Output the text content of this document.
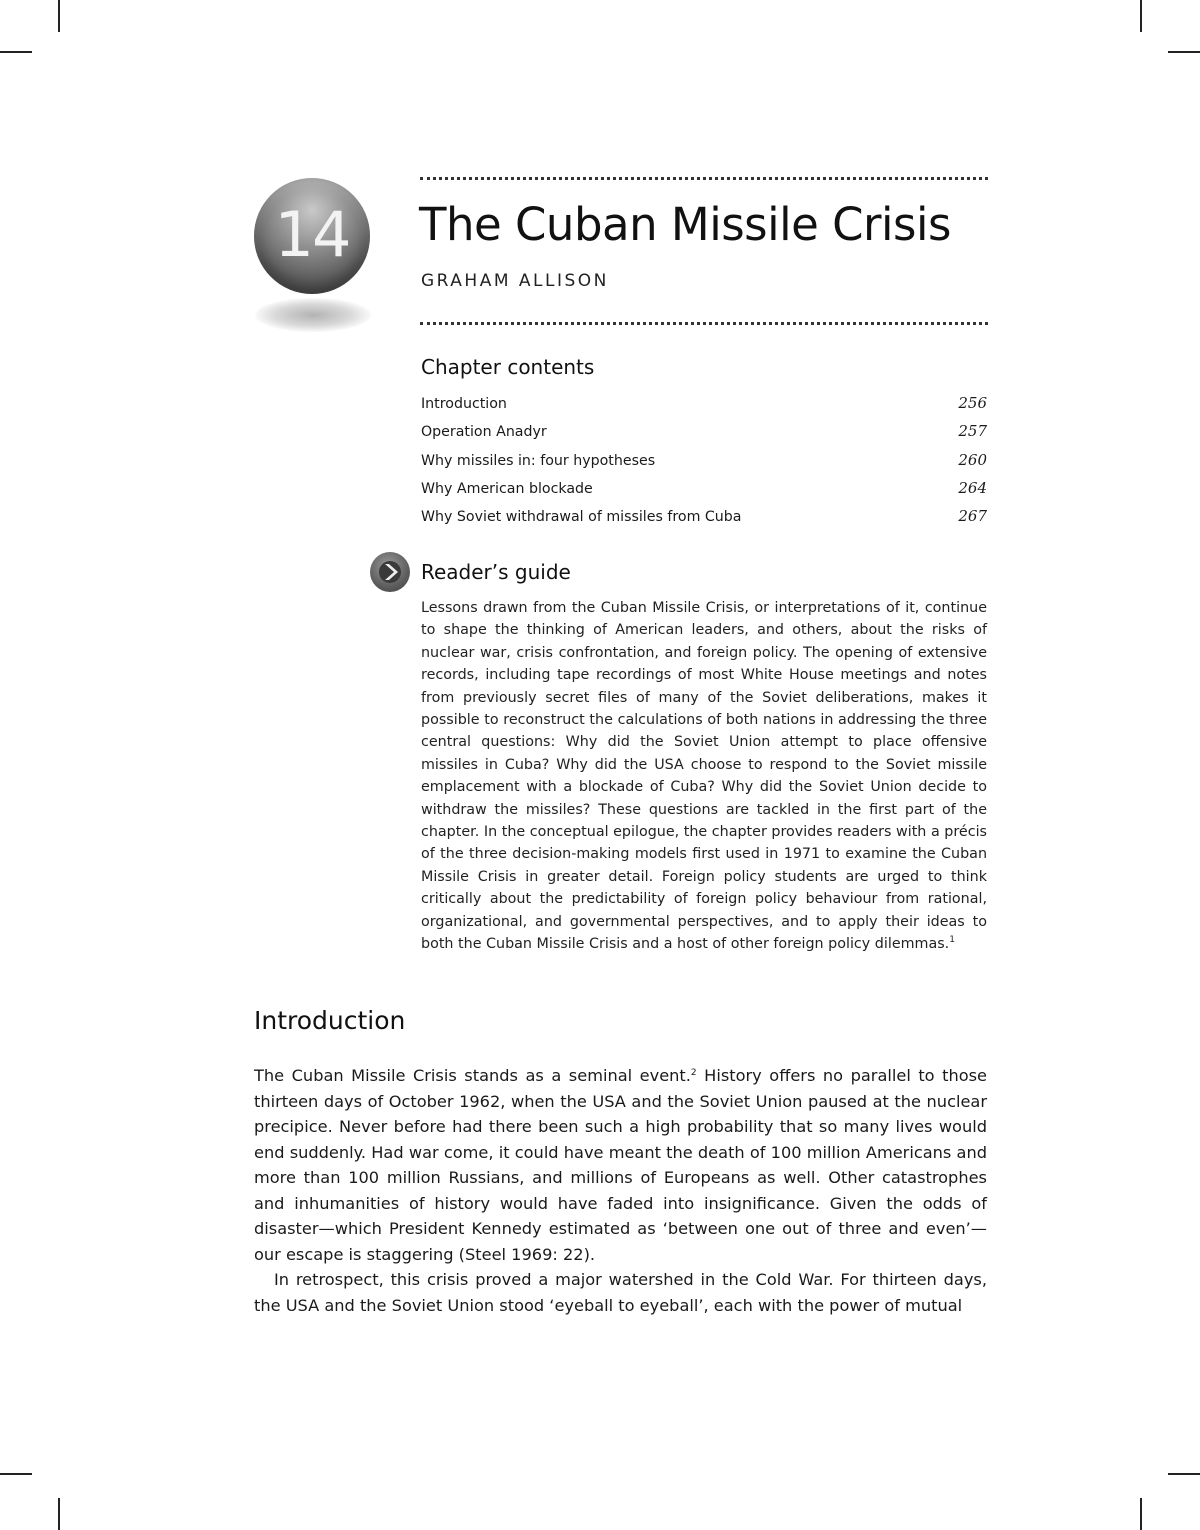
14	The Cuban Missile Crisis
GRAHAM ALLISON
Chapter contents
Introduction	256
Operation Anadyr	257
Why missiles in: four hypotheses	260
Why American blockade	264
Why Soviet withdrawal of missiles from Cuba	267
Reader’s guide
Lessons drawn from the Cuban Missile Crisis, or interpretations of it, continue to shape the thinking of American leaders, and others, about the risks of nuclear war, crisis confrontation, and foreign policy. The opening of extensive records, including tape recordings of most White House meetings and notes from previously secret files of many of the Soviet deliberations, makes it possible to reconstruct the calculations of both nations in addressing the three central questions: Why did the Soviet Union attempt to place offensive missiles in Cuba? Why did the USA choose to respond to the Soviet missile emplacement with a blockade of Cuba? Why did the Soviet Union decide to withdraw the missiles? These questions are tackled in the first part of the chapter. In the conceptual epilogue, the chapter provides readers with a précis of the three decision-making models first used in 1971 to examine the Cuban Missile Crisis in greater detail. Foreign policy students are urged to think critically about the predictability of foreign policy behaviour from rational, organizational, and governmental perspectives, and to apply their ideas to both the Cuban Missile Crisis and a host of other foreign policy dilemmas.$^1$
Introduction

The Cuban Missile Crisis stands as a seminal event.$^2$ History offers no parallel to those thirteen days of October 1962, when the USA and the Soviet Union paused at the nuclear precipice. Never before had there been such a high probability that so many lives would end suddenly. Had war come, it could have meant the death of 100 million Americans and more than 100 million Russians, and millions of Europeans as well. Other catastrophes and inhumanities of history would have faded into insignificance. Given the odds of disaster—which President Kennedy estimated as ‘between one out of three and even’—our escape is staggering (Steel 1969: 22).

In retrospect, this crisis proved a major watershed in the Cold War. For thirteen days, the USA and the Soviet Union stood ‘eyeball to eyeball’, each with the power of mutual
